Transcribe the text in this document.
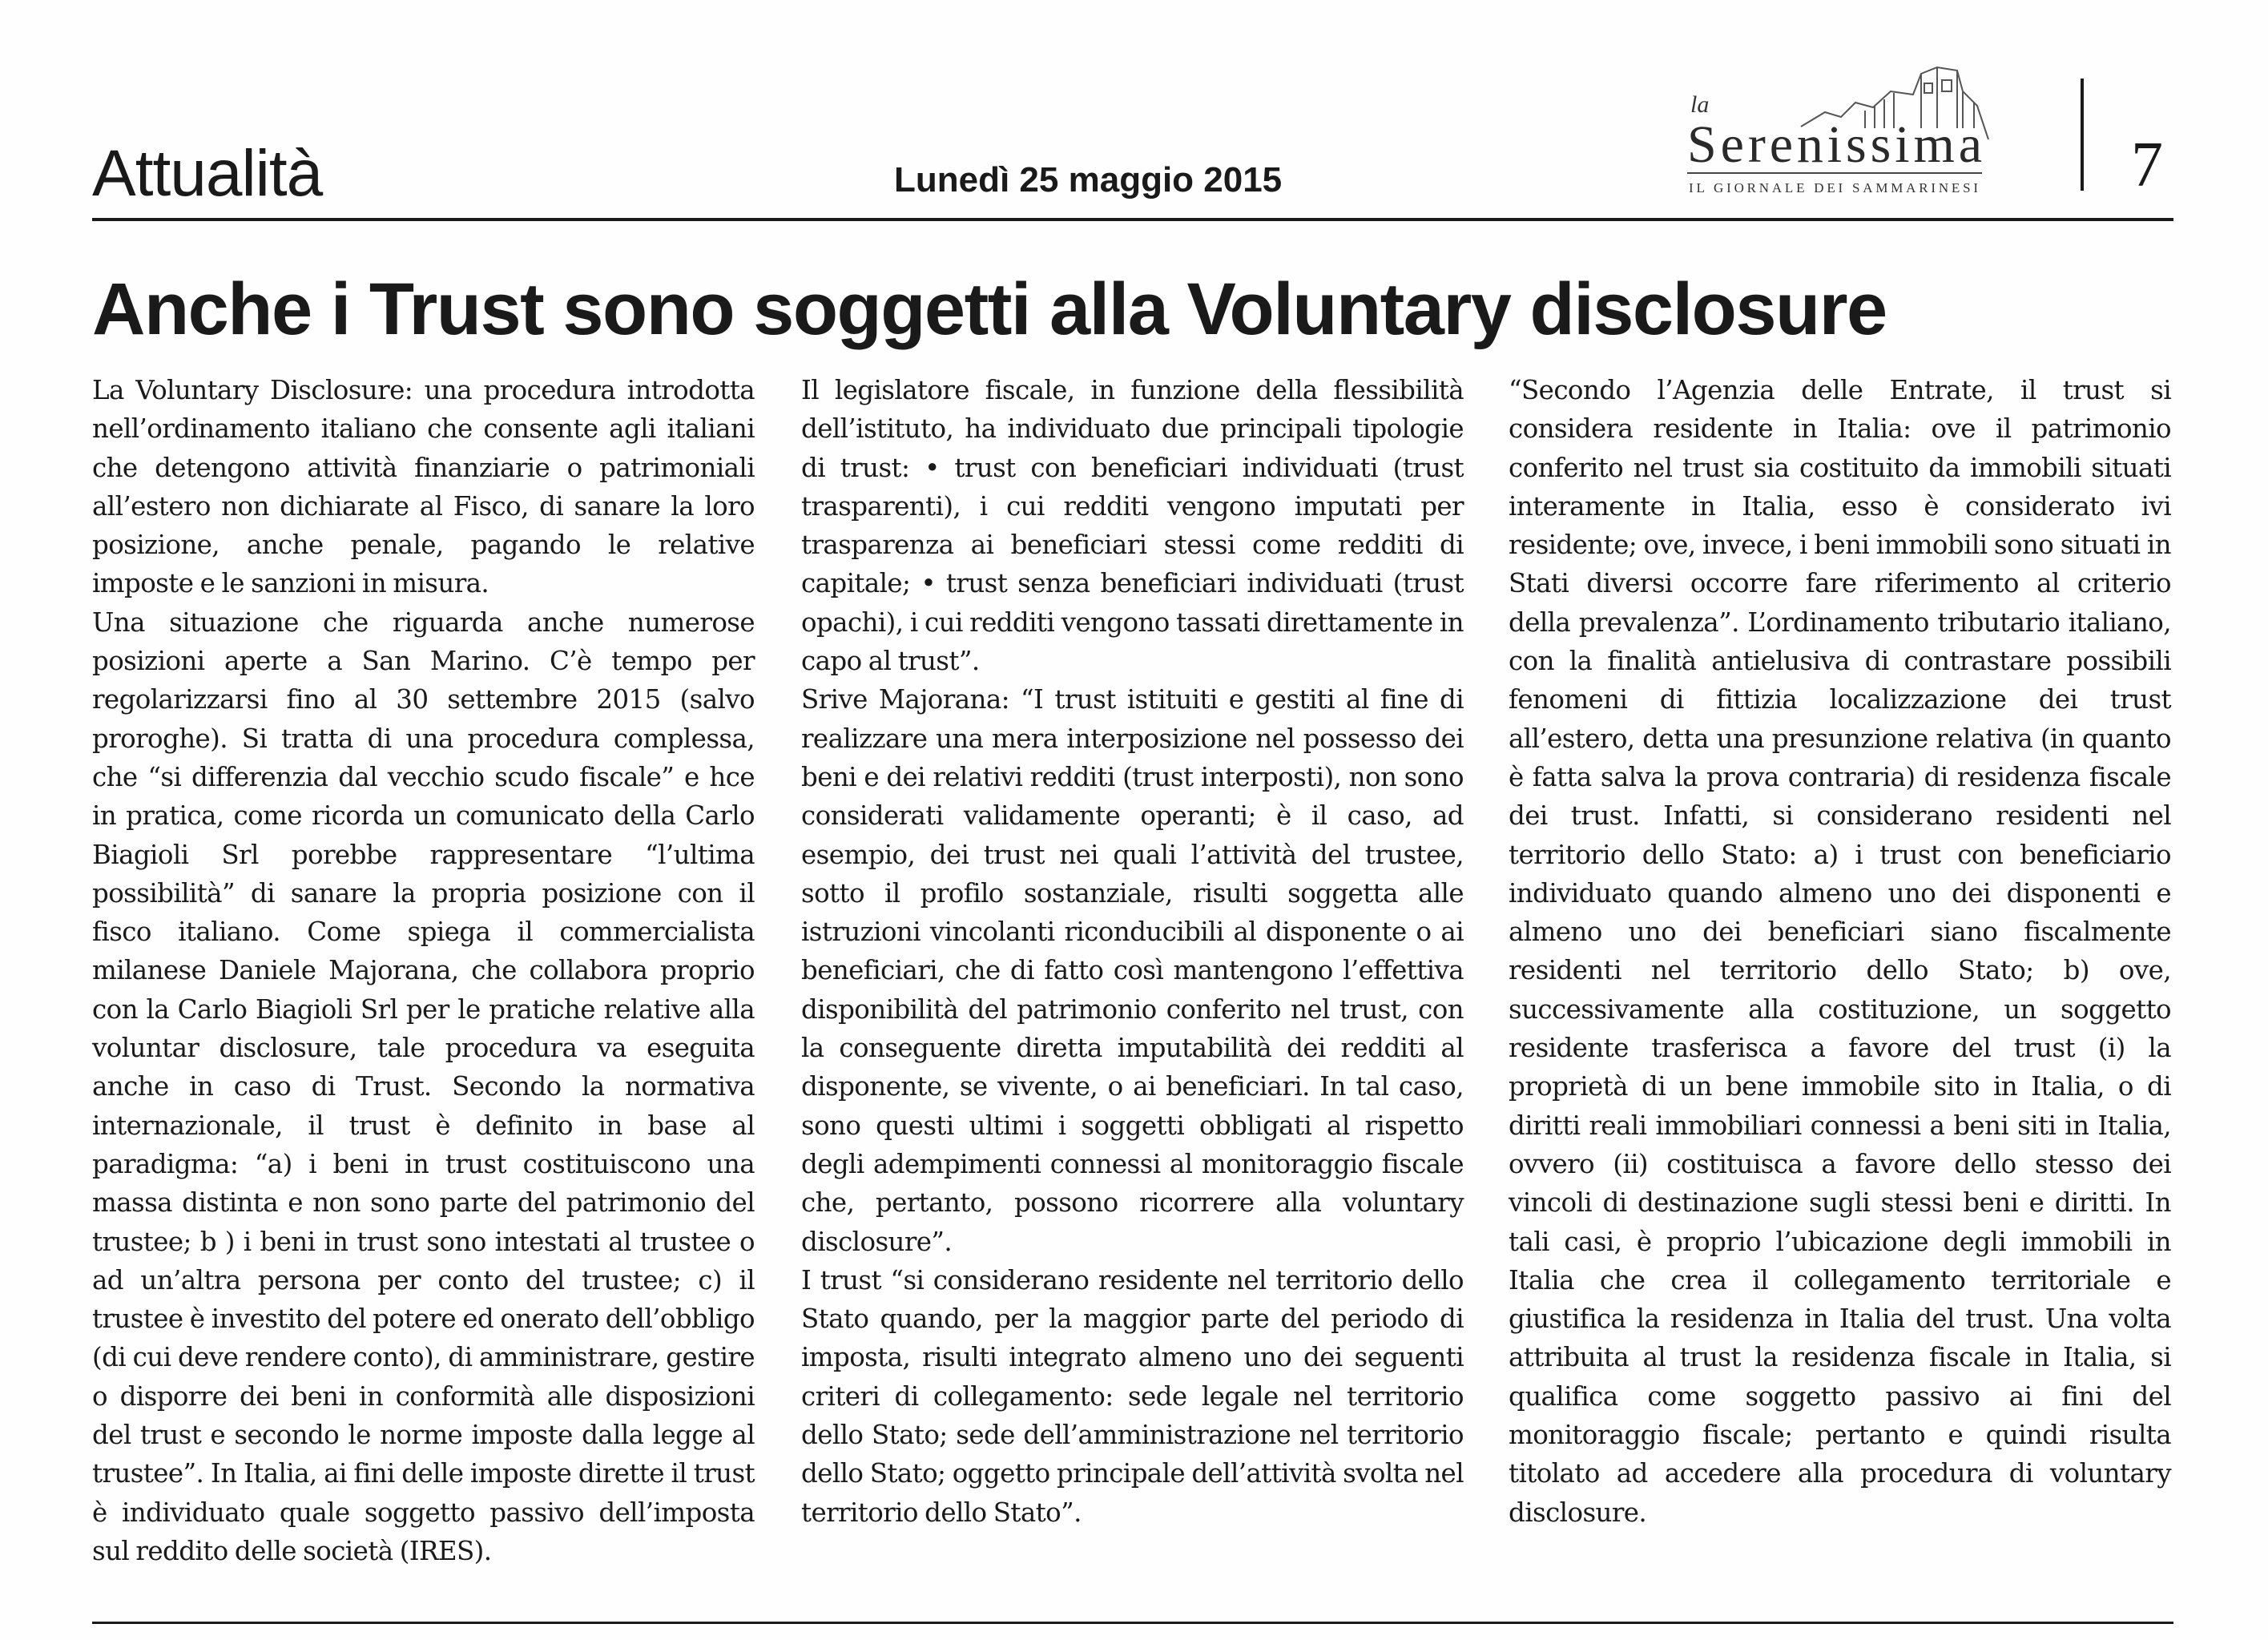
Attualità	Lunedì 25 maggio 2015
la
Serenissima
IL GIORNALE DEI SAMMARINESI 7
Anche i Trust sono soggetti alla Voluntary disclosure

La Voluntary Disclosure: una procedura introdotta nell’ordinamento italiano che consente agli italiani che detengono attività finanziarie o patrimoniali all’estero non dichiarate al Fisco, di sanare la loro posizione, anche penale, pagando le relative imposte e le sanzioni in misura.

Una situazione che riguarda anche numerose posizioni aperte a San Marino. C’è tempo per regolarizzarsi fino al 30 settembre 2015 (salvo proroghe). Si tratta di una procedura complessa, che “si differenzia dal vecchio scudo fiscale” e hce in pratica, come ricorda un comunicato della Carlo Biagioli Srl porebbe rappresentare “l’ultima possibilità” di sanare la propria posizione con il fisco italiano. Come spiega il commercialista milanese Daniele Majorana, che collabora proprio con la Carlo Biagioli Srl per le pratiche relative alla voluntar disclosure, tale procedura va eseguita anche in caso di Trust. Secondo la normativa internazionale, il trust è definito in base al paradigma: “a) i beni in trust costituiscono una massa distinta e non sono parte del patrimonio del trustee; b ) i beni in trust sono intestati al trustee o ad un’altra persona per conto del trustee; c) il trustee è investito del potere ed onerato dell’obbligo (di cui deve rendere conto), di amministrare, gestire o disporre dei beni in conformità alle disposizioni del trust e secondo le norme imposte dalla legge al trustee”. In Italia, ai fini delle imposte dirette il trust è individuato quale soggetto passivo dell’imposta sul reddito delle società (IRES).

Il legislatore fiscale, in funzione della flessibilità dell’istituto, ha individuato due principali tipologie di trust: • trust con beneficiari individuati (trust trasparenti), i cui redditi vengono imputati per trasparenza ai beneficiari stessi come redditi di capitale; • trust senza beneficiari individuati (trust opachi), i cui redditi vengono tassati direttamente in capo al trust”.

Srive Majorana: “I trust istituiti e gestiti al fine di realizzare una mera interposizione nel possesso dei beni e dei relativi redditi (trust interposti), non sono considerati validamente operanti; è il caso, ad esempio, dei trust nei quali l’attività del trustee, sotto il profilo sostanziale, risulti soggetta alle istruzioni vincolanti riconducibili al disponente o ai beneficiari, che di fatto così mantengono l’effettiva disponibilità del patrimonio conferito nel trust, con la conseguente diretta imputabilità dei redditi al disponente, se vivente, o ai beneficiari. In tal caso, sono questi ultimi i soggetti obbligati al rispetto degli adempimenti connessi al monitoraggio fiscale che, pertanto, possono ricorrere alla voluntary disclosure”.

I trust “si considerano residente nel territorio dello Stato quando, per la maggior parte del periodo di imposta, risulti integrato almeno uno dei seguenti criteri di collegamento: sede legale nel territorio dello Stato; sede dell’amministrazione nel territorio dello Stato; oggetto principale dell’attività svolta nel territorio dello Stato”.

“Secondo l’Agenzia delle Entrate, il trust si considera residente in Italia: ove il patrimonio conferito nel trust sia costituito da immobili situati interamente in Italia, esso è considerato ivi residente; ove, invece, i beni immobili sono situati in Stati diversi occorre fare riferimento al criterio della prevalenza”. L’ordinamento tributario italiano, con la finalità antielusiva di contrastare possibili fenomeni di fittizia localizzazione dei trust all’estero, detta una presunzione relativa (in quanto è fatta salva la prova contraria) di residenza fiscale dei trust. Infatti, si considerano residenti nel territorio dello Stato: a) i trust con beneficiario individuato quando almeno uno dei disponenti e almeno uno dei beneficiari siano fiscalmente residenti nel territorio dello Stato; b) ove, successivamente alla costituzione, un soggetto residente trasferisca a favore del trust (i) la proprietà di un bene immobile sito in Italia, o di diritti reali immobiliari connessi a beni siti in Italia, ovvero (ii) costituisca a favore dello stesso dei vincoli di destinazione sugli stessi beni e diritti. In tali casi, è proprio l’ubicazione degli immobili in Italia che crea il collegamento territoriale e giustifica la residenza in Italia del trust. Una volta attribuita al trust la residenza fiscale in Italia, si qualifica come soggetto passivo ai fini del monitoraggio fiscale; pertanto e quindi risulta titolato ad accedere alla procedura di voluntary disclosure.
